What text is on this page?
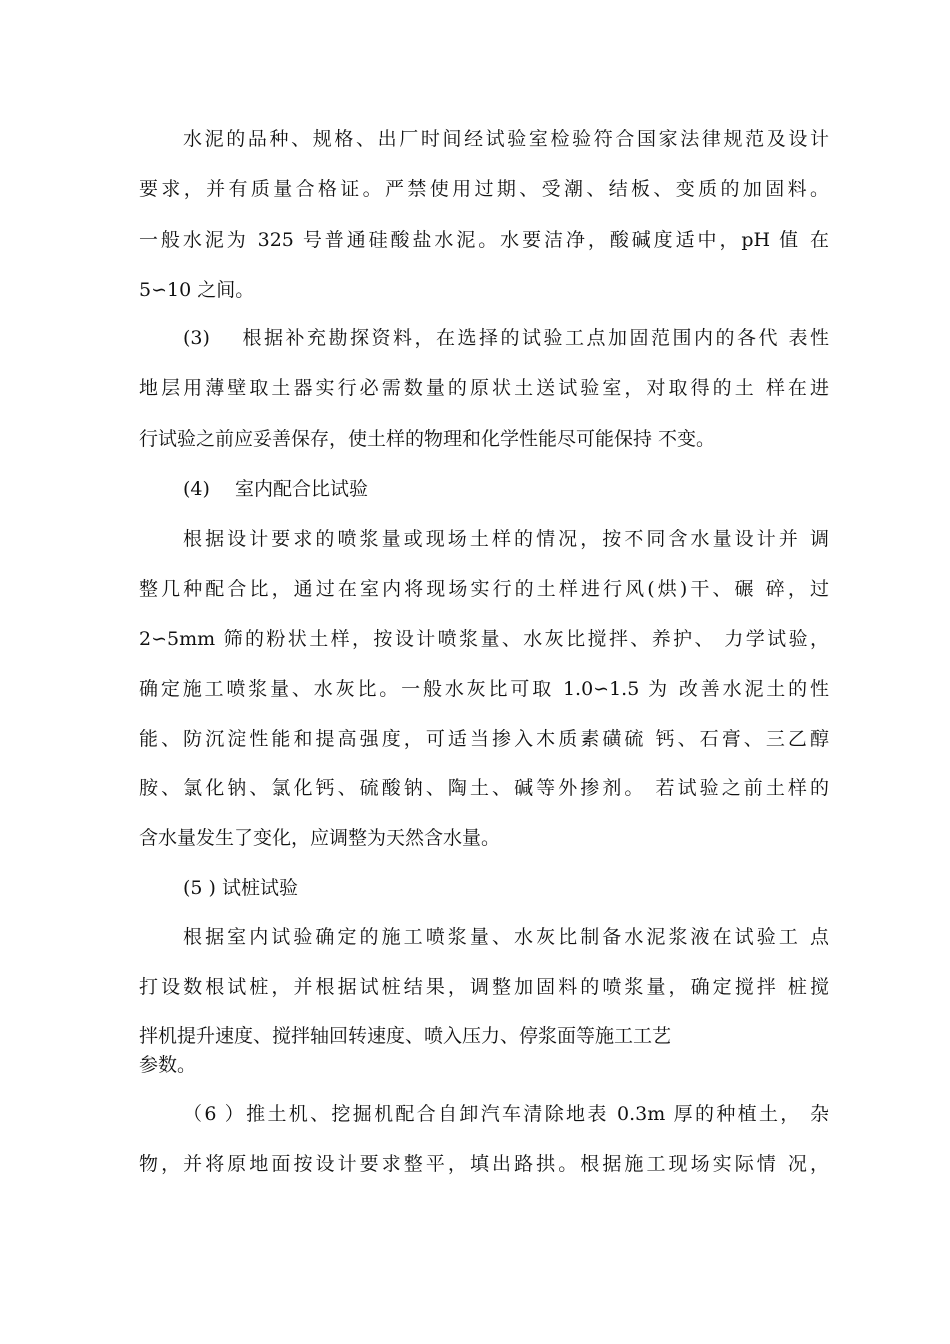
水泥的品种、规格、出厂时间经试验室检验符合国家法律规范及设计
要求，并有质量合格证。严禁使用过期、受潮、结板、变质的加固料。
一般水泥为 325 号普通硅酸盐水泥。水要洁净，酸碱度适中，pH 值 在
5∽10 之间。
(3)　 根据补充勘探资料，在选择的试验工点加固范围内的各代 表性
地层用薄壁取土器实行必需数量的原状土送试验室，对取得的土 样在进
行试验之前应妥善保存，使土样的物理和化学性能尽可能保持 不变。
(4)　 室内配合比试验
根据设计要求的喷浆量或现场土样的情况，按不同含水量设计并 调
整几种配合比，通过在室内将现场实行的土样进行风(烘)干、碾 碎，过
2∽5mm 筛的粉状土样，按设计喷浆量、水灰比搅拌、养护、 力学试验，
确定施工喷浆量、水灰比。一般水灰比可取 1.0∽1.5 为 改善水泥土的性
能、防沉淀性能和提高强度，可适当掺入木质素磺硫 钙、石膏、三乙醇
胺、氯化钠、氯化钙、硫酸钠、陶土、碱等外掺剂。 若试验之前土样的
含水量发生了变化，应调整为天然含水量。
(5 ) 试桩试验
根据室内试验确定的施工喷浆量、水灰比制备水泥浆液在试验工 点
打设数根试桩，并根据试桩结果，调整加固料的喷浆量，确定搅拌 桩搅
拌机提升速度、搅拌轴回转速度、喷入压力、停浆面等施工工艺
参数。
（6 ）推土机、挖掘机配合自卸汽车清除地表 0.3m 厚的种植土， 杂
物，并将原地面按设计要求整平，填出路拱。根据施工现场实际情 况，
